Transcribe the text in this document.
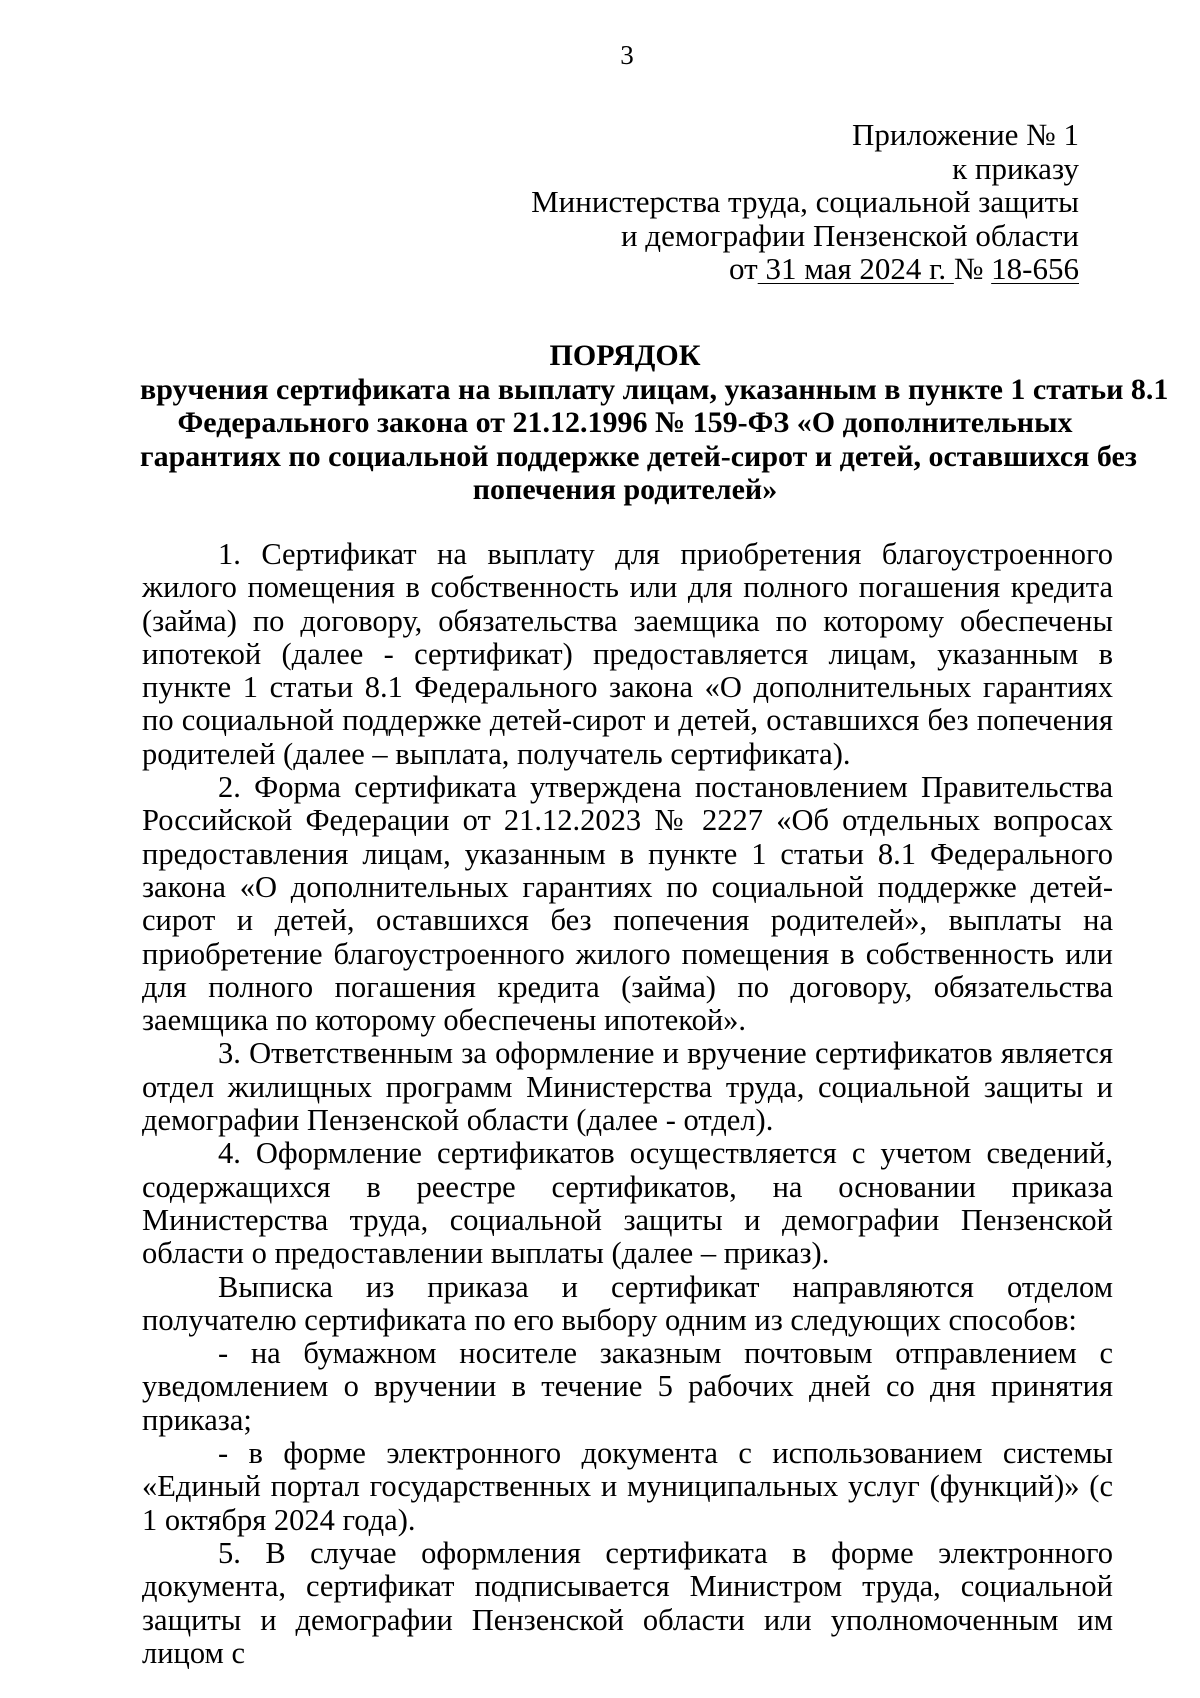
3
Приложение № 1
к приказу
Министерства труда, социальной защиты
и демографии Пензенской области
от 31 мая 2024 г. № 18-656
ПОРЯДОК
вручения сертификата на выплату лицам, указанным в пункте 1 статьи 8.1
Федерального закона от 21.12.1996 № 159-ФЗ «О дополнительных
гарантиях по социальной поддержке детей-сирот и детей, оставшихся без
попечения родителей»

1. Сертификат на выплату для приобретения благоустроенного жилого помещения в собственность или для полного погашения кредита (займа) по договору, обязательства заемщика по которому обеспечены ипотекой (далее - сертификат) предоставляется лицам, указанным в пункте 1 статьи 8.1 Федерального закона «О дополнительных гарантиях по социальной поддержке детей-сирот и детей, оставшихся без попечения родителей (далее – выплата, получатель сертификата).

2. Форма сертификата утверждена постановлением Правительства Российской Федерации от 21.12.2023 № 2227 «Об отдельных вопросах предоставления лицам, указанным в пункте 1 статьи 8.1 Федерального закона «О дополнительных гарантиях по социальной поддержке детей-сирот и детей, оставшихся без попечения родителей», выплаты на приобретение благоустроенного жилого помещения в собственность или для полного погашения кредита (займа) по договору, обязательства заемщика по которому обеспечены ипотекой».

3. Ответственным за оформление и вручение сертификатов является отдел жилищных программ Министерства труда, социальной защиты и демографии Пензенской области (далее - отдел).

4. Оформление сертификатов осуществляется с учетом сведений, содержащихся в реестре сертификатов, на основании приказа Министерства труда, социальной защиты и демографии Пензенской области о предоставлении выплаты (далее – приказ).

Выписка из приказа и сертификат направляются отделом получателю сертификата по его выбору одним из следующих способов:

- на бумажном носителе заказным почтовым отправлением с уведомлением о вручении в течение 5 рабочих дней со дня принятия приказа;

- в форме электронного документа с использованием системы «Единый портал государственных и муниципальных услуг (функций)» (с 1 октября 2024 года).

5. В случае оформления сертификата в форме электронного документа, сертификат подписывается Министром труда, социальной защиты и демографии Пензенской области или уполномоченным им лицом с
